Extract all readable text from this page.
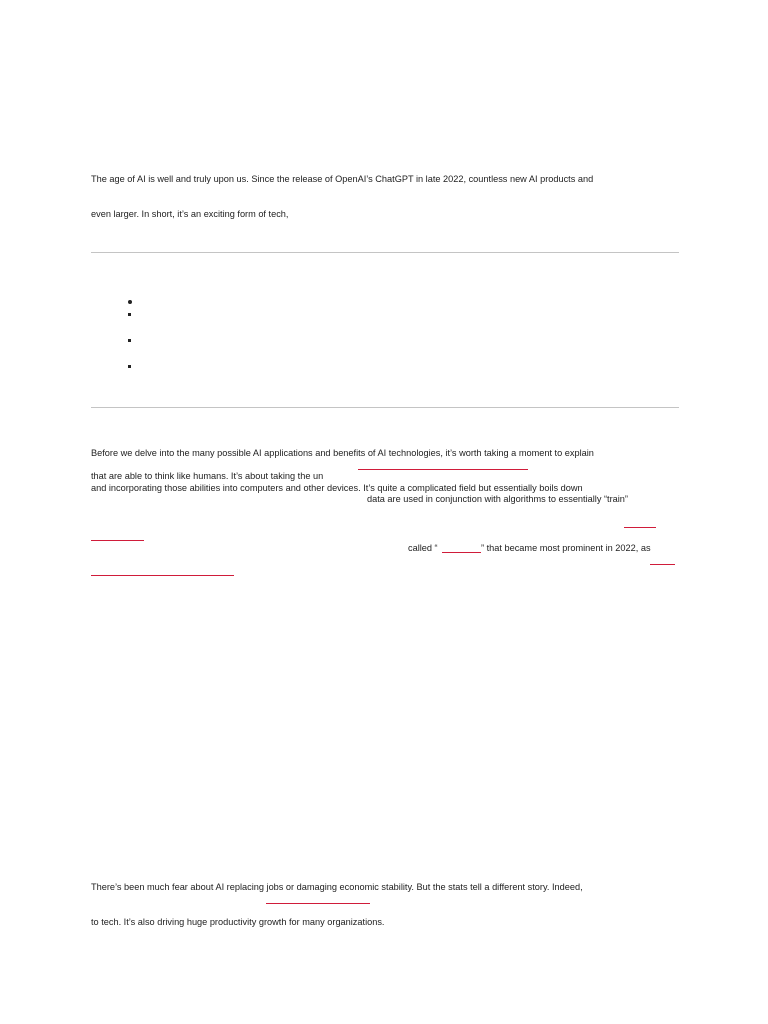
The age of AI is well and truly upon us. Since the release of OpenAI’s ChatGPT in late 2022, countless new AI products and
even larger. In short, it’s an exciting form of tech,
Before we delve into the many possible AI applications and benefits of AI technologies, it’s worth taking a moment to explain
that are able to think like humans. It’s about taking the un
and incorporating those abilities into computers and other devices. It’s quite a complicated field but essentially boils down
data are used in conjunction with algorithms to essentially “train”
called “	” that became most prominent in 2022, as
There’s been much fear about AI replacing jobs or damaging economic stability. But the stats tell a different story. Indeed,
to tech. It’s also driving huge productivity growth for many organizations.
